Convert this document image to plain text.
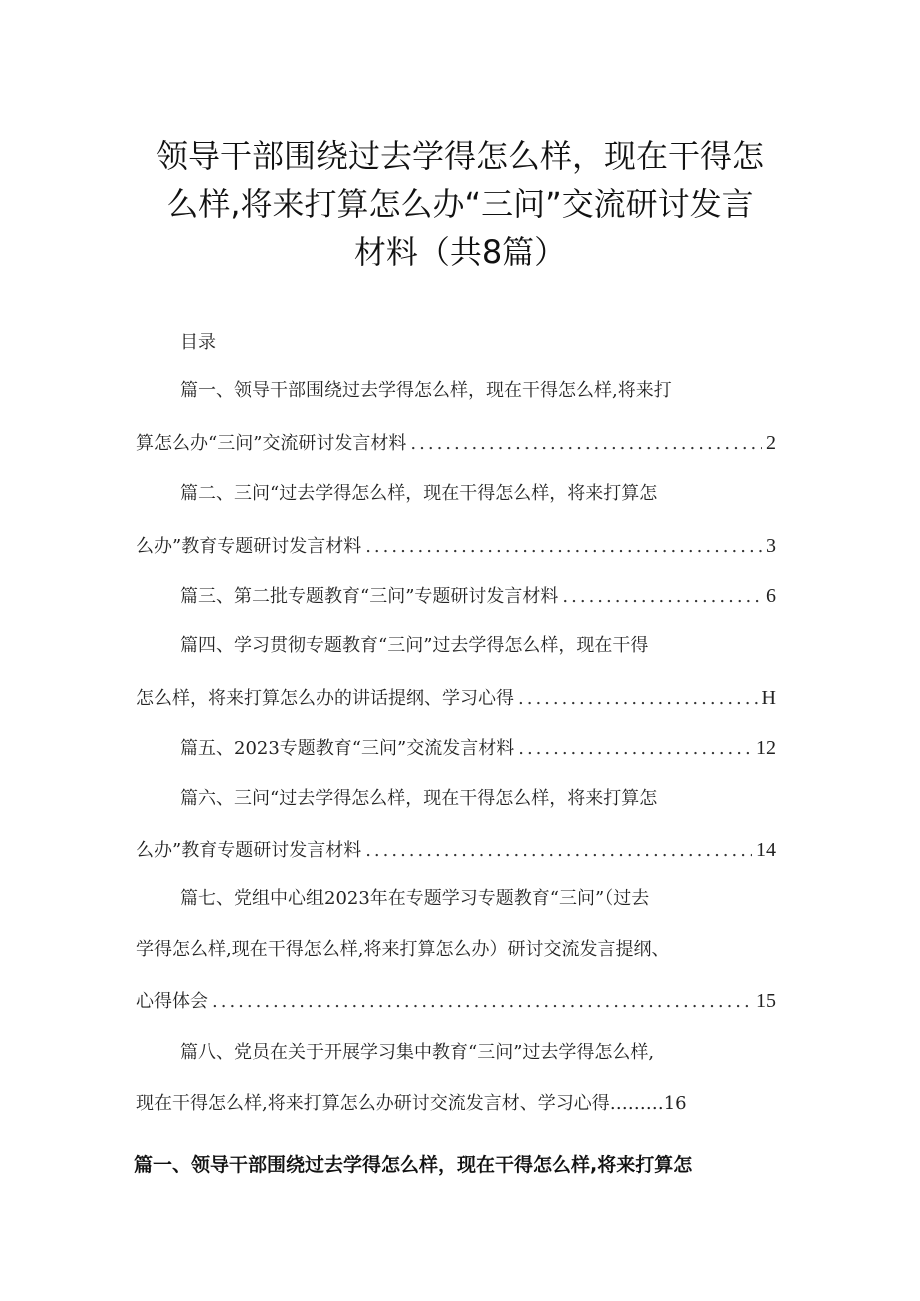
领导干部围绕过去学得怎么样，现在干得怎
么样,将来打算怎么办“三问”交流研讨发言
材料（共8篇）
目录
篇一、领导干部围绕过去学得怎么样，现在干得怎么样,将来打
算怎么办“三问”交流研讨发言材料 .....	2
篇二、三问“过去学得怎么样，现在干得怎么样，将来打算怎
么办”教育专题研讨发言材料 .....	3
篇三、第二批专题教育“三问”专题研讨发言材料 .....	6
篇四、学习贯彻专题教育“三问”过去学得怎么样，现在干得
怎么样，将来打算怎么办的讲话提纲、学习心得 .....	H
篇五、2023专题教育“三问”交流发言材料 .....	12
篇六、三问“过去学得怎么样，现在干得怎么样，将来打算怎
么办”教育专题研讨发言材料 .....	14
篇七、党组中心组2023年在专题学习专题教育“三问”（过去
学得怎么样,现在干得怎么样,将来打算怎么办）研讨交流发言提纲、
心得体会 .....	15
篇八、党员在关于开展学习集中教育“三问”过去学得怎么样,
现在干得怎么样,将来打算怎么办研讨交流发言材、学习心得………16
篇一、领导干部围绕过去学得怎么样，现在干得怎么样,将来打算怎
